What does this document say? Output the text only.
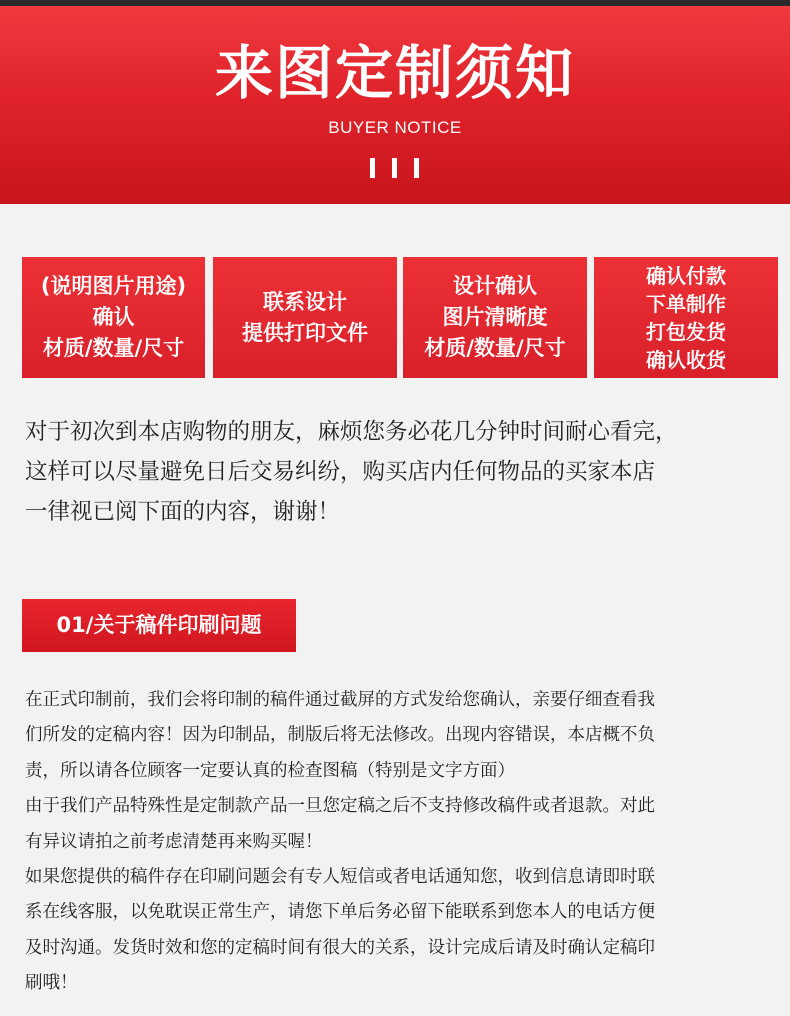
来图定制须知
BUYER NOTICE
(说明图片用途)
确认
材质/数量/尺寸
联系设计
提供打印文件
设计确认
图片清晰度
材质/数量/尺寸
确认付款
下单制作
打包发货
确认收货
对于初次到本店购物的朋友，麻烦您务必花几分钟时间耐心看完，
这样可以尽量避免日后交易纠纷，购买店内任何物品的买家本店
一律视已阅下面的内容，谢谢！
01/关于稿件印刷问题
在正式印制前，我们会将印制的稿件通过截屏的方式发给您确认，亲要仔细查看我
们所发的定稿内容！因为印制品，制版后将无法修改。出现内容错误，本店概不负
责，所以请各位顾客一定要认真的检查图稿（特别是文字方面）
由于我们产品特殊性是定制款产品一旦您定稿之后不支持修改稿件或者退款。对此
有异议请拍之前考虑清楚再来购买喔！
如果您提供的稿件存在印刷问题会有专人短信或者电话通知您，收到信息请即时联
系在线客服，以免耽误正常生产，请您下单后务必留下能联系到您本人的电话方便
及时沟通。发货时效和您的定稿时间有很大的关系，设计完成后请及时确认定稿印
刷哦！
